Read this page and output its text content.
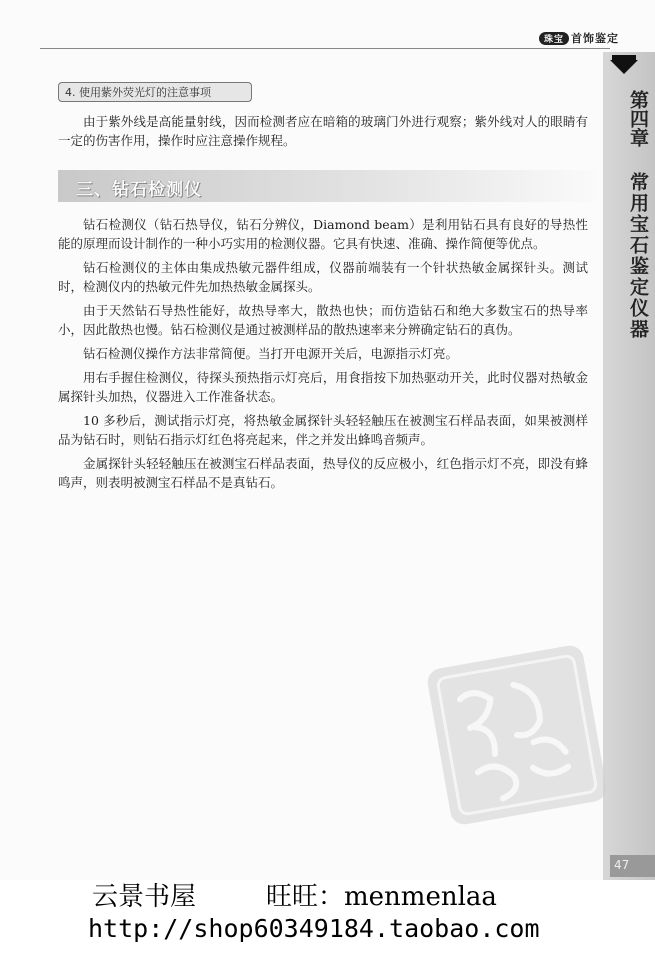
珠宝 首饰鉴定
第四章
常用宝石鉴定仪器
47
4. 使用紫外荧光灯的注意事项

由于紫外线是高能量射线，因而检测者应在暗箱的玻璃门外进行观察；紫外线对人的眼睛有一定的伤害作用，操作时应注意操作规程。

三、钻石检测仪

钻石检测仪（钻石热导仪，钻石分辨仪，Diamond beam）是利用钻石具有良好的导热性能的原理而设计制作的一种小巧实用的检测仪器。它具有快速、准确、操作简便等优点。

钻石检测仪的主体由集成热敏元器件组成，仪器前端装有一个针状热敏金属探针头。测试时，检测仪内的热敏元件先加热热敏金属探头。

由于天然钻石导热性能好，故热导率大，散热也快；而仿造钻石和绝大多数宝石的热导率小，因此散热也慢。钻石检测仪是通过被测样品的散热速率来分辨确定钻石的真伪。

钻石检测仪操作方法非常简便。当打开电源开关后，电源指示灯亮。

用右手握住检测仪，待探头预热指示灯亮后，用食指按下加热驱动开关，此时仪器对热敏金属探针头加热，仪器进入工作准备状态。

10 多秒后，测试指示灯亮，将热敏金属探针头轻轻触压在被测宝石样品表面，如果被测样品为钻石时，则钻石指示灯红色将亮起来，伴之并发出蜂鸣音频声。

金属探针头轻轻触压在被测宝石样品表面，热导仪的反应极小，红色指示灯不亮，即没有蜂鸣声，则表明被测宝石样品不是真钻石。

云景书屋	旺旺：menmenlaa
http://shop60349184.taobao.com
